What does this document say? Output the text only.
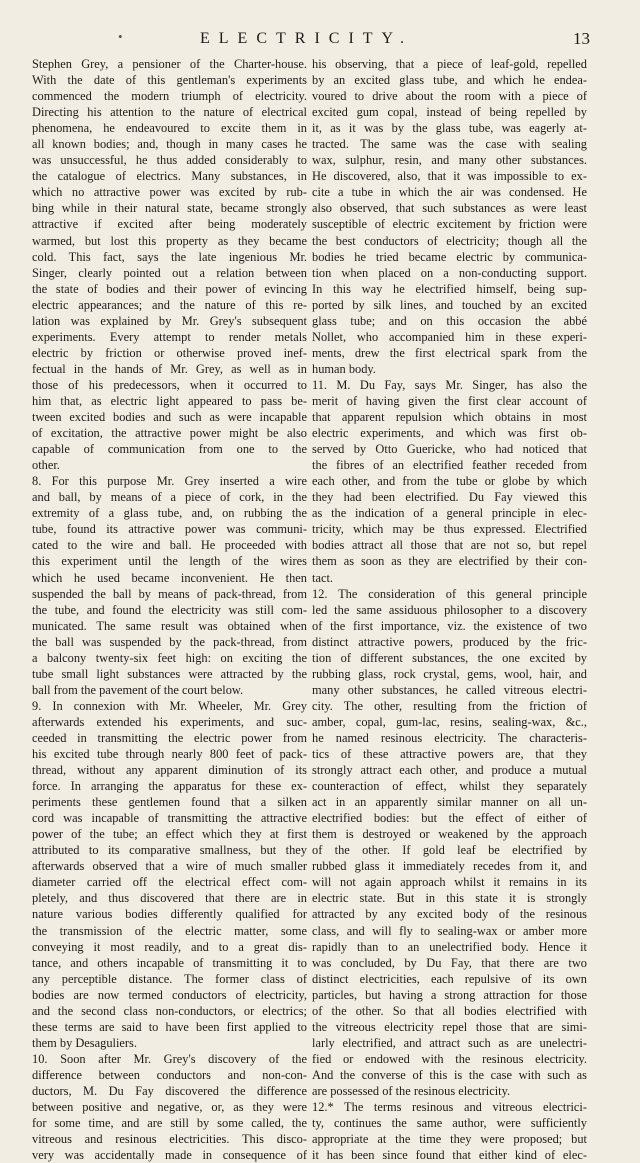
•	ELECTRICITY.	13
Stephen Grey, a pensioner of the Charter-house.
With the date of this gentleman's experiments
commenced the modern triumph of electricity.
Directing his attention to the nature of electrical
phenomena, he endeavoured to excite them in
all known bodies; and, though in many cases he
was unsuccessful, he thus added considerably to
the catalogue of electrics. Many substances, in
which no attractive power was excited by rub-
bing while in their natural state, became strongly
attractive if excited after being moderately
warmed, but lost this property as they became
cold. This fact, says the late ingenious Mr.
Singer, clearly pointed out a relation between
the state of bodies and their power of evincing
electric appearances; and the nature of this re-
lation was explained by Mr. Grey's subsequent
experiments. Every attempt to render metals
electric by friction or otherwise proved inef-
fectual in the hands of Mr. Grey, as well as in
those of his predecessors, when it occurred to
him that, as electric light appeared to pass be-
tween excited bodies and such as were incapable
of excitation, the attractive power might be also
capable of communication from one to the
other.
8. For this purpose Mr. Grey inserted a wire
and ball, by means of a piece of cork, in the
extremity of a glass tube, and, on rubbing the
tube, found its attractive power was communi-
cated to the wire and ball. He proceeded with
this experiment until the length of the wires
which he used became inconvenient. He then
suspended the ball by means of pack-thread, from
the tube, and found the electricity was still com-
municated. The same result was obtained when
the ball was suspended by the pack-thread, from
a balcony twenty-six feet high: on exciting the
tube small light substances were attracted by the
ball from the pavement of the court below.
9. In connexion with Mr. Wheeler, Mr. Grey
afterwards extended his experiments, and suc-
ceeded in transmitting the electric power from
his excited tube through nearly 800 feet of pack-
thread, without any apparent diminution of its
force. In arranging the apparatus for these ex-
periments these gentlemen found that a silken
cord was incapable of transmitting the attractive
power of the tube; an effect which they at first
attributed to its comparative smallness, but they
afterwards observed that a wire of much smaller
diameter carried off the electrical effect com-
pletely, and thus discovered that there are in
nature various bodies differently qualified for
the transmission of the electric matter, some
conveying it most readily, and to a great dis-
tance, and others incapable of transmitting it to
any perceptible distance. The former class of
bodies are now termed conductors of electricity,
and the second class non-conductors, or electrics;
these terms are said to have been first applied to
them by Desaguliers.
10. Soon after Mr. Grey's discovery of the
difference between conductors and non-con-
ductors, M. Du Fay discovered the difference
between positive and negative, or, as they were
for some time, and are still by some called, the
vitreous and resinous electricities. This disco-
very was accidentally made in consequence of
his observing, that a piece of leaf-gold, repelled
by an excited glass tube, and which he endea-
voured to drive about the room with a piece of
excited gum copal, instead of being repelled by
it, as it was by the glass tube, was eagerly at-
tracted. The same was the case with sealing
wax, sulphur, resin, and many other substances.
He discovered, also, that it was impossible to ex-
cite a tube in which the air was condensed. He
also observed, that such substances as were least
susceptible of electric excitement by friction were
the best conductors of electricity; though all the
bodies he tried became electric by communica-
tion when placed on a non-conducting support.
In this way he electrified himself, being sup-
ported by silk lines, and touched by an excited
glass tube; and on this occasion the abbé
Nollet, who accompanied him in these experi-
ments, drew the first electrical spark from the
human body.
11. M. Du Fay, says Mr. Singer, has also the
merit of having given the first clear account of
that apparent repulsion which obtains in most
electric experiments, and which was first ob-
served by Otto Guericke, who had noticed that
the fibres of an electrified feather receded from
each other, and from the tube or globe by which
they had been electrified. Du Fay viewed this
as the indication of a general principle in elec-
tricity, which may be thus expressed. Electrified
bodies attract all those that are not so, but repel
them as soon as they are electrified by their con-
tact.
12. The consideration of this general principle
led the same assiduous philosopher to a discovery
of the first importance, viz. the existence of two
distinct attractive powers, produced by the fric-
tion of different substances, the one excited by
rubbing glass, rock crystal, gems, wool, hair, and
many other substances, he called vitreous electri-
city. The other, resulting from the friction of
amber, copal, gum-lac, resins, sealing-wax, &c.,
he named resinous electricity. The characteris-
tics of these attractive powers are, that they
strongly attract each other, and produce a mutual
counteraction of effect, whilst they separately
act in an apparently similar manner on all un-
electrified bodies: but the effect of either of
them is destroyed or weakened by the approach
of the other. If gold leaf be electrified by
rubbed glass it immediately recedes from it, and
will not again approach whilst it remains in its
electric state. But in this state it is strongly
attracted by any excited body of the resinous
class, and will fly to sealing-wax or amber more
rapidly than to an unelectrified body. Hence it
was concluded, by Du Fay, that there are two
distinct electricities, each repulsive of its own
particles, but having a strong attraction for those
of the other. So that all bodies electrified with
the vitreous electricity repel those that are simi-
larly electrified, and attract such as are unelectri-
fied or endowed with the resinous electricity.
And the converse of this is the case with such as
are possessed of the resinous electricity.
12.* The terms resinous and vitreous electrici-
ty, continues the same author, were sufficiently
appropriate at the time they were proposed; but
it has been since found that either kind of elec-
